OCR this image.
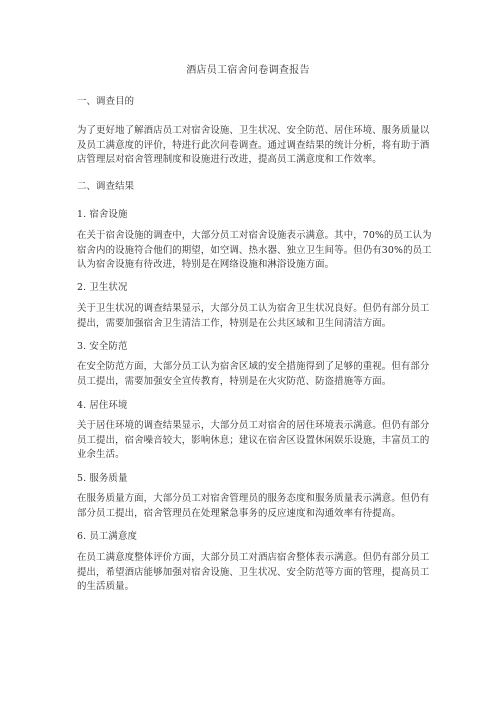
酒店员工宿舍问卷调查报告
一、调查目的
为了更好地了解酒店员工对宿舍设施、卫生状况、安全防范、居住环境、服务质量以及员工满意度的评价，特进行此次问卷调查。通过调查结果的统计分析，将有助于酒店管理层对宿舍管理制度和设施进行改进，提高员工满意度和工作效率。
二、调查结果
1. 宿舍设施
在关于宿舍设施的调查中，大部分员工对宿舍设施表示满意。其中，70%的员工认为宿舍内的设施符合他们的期望，如空调、热水器、独立卫生间等。但仍有30%的员工认为宿舍设施有待改进，特别是在网络设施和淋浴设施方面。
2. 卫生状况
关于卫生状况的调查结果显示，大部分员工认为宿舍卫生状况良好。但仍有部分员工提出，需要加强宿舍卫生清洁工作，特别是在公共区域和卫生间清洁方面。
3. 安全防范
在安全防范方面，大部分员工认为宿舍区域的安全措施得到了足够的重视。但有部分员工提出，需要加强安全宣传教育，特别是在火灾防范、防盗措施等方面。
4. 居住环境
关于居住环境的调查结果显示，大部分员工对宿舍的居住环境表示满意。但仍有部分员工提出，宿舍噪音较大，影响休息；建议在宿舍区设置休闲娱乐设施，丰富员工的业余生活。
5. 服务质量
在服务质量方面，大部分员工对宿舍管理员的服务态度和服务质量表示满意。但仍有部分员工提出，宿舍管理员在处理紧急事务的反应速度和沟通效率有待提高。
6. 员工满意度
在员工满意度整体评价方面，大部分员工对酒店宿舍整体表示满意。但仍有部分员工提出，希望酒店能够加强对宿舍设施、卫生状况、安全防范等方面的管理，提高员工的生活质量。
